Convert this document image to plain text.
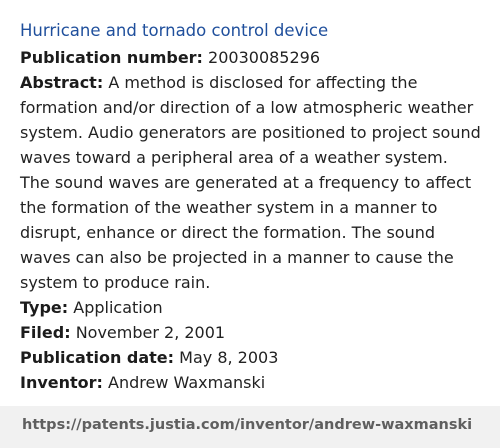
Hurricane and tornado control device

Publication number: 20030085296

Abstract: A method is disclosed for affecting the formation and/or direction of a low atmospheric weather system. Audio generators are positioned to project sound waves toward a peripheral area of a weather system. The sound waves are generated at a frequency to affect the formation of the weather system in a manner to disrupt, enhance or direct the formation. The sound waves can also be projected in a manner to cause the system to produce rain.

Type: Application

Filed: November 2, 2001

Publication date: May 8, 2003

Inventor: Andrew Waxmanski

https://patents.justia.com/inventor/andrew-waxmanski
